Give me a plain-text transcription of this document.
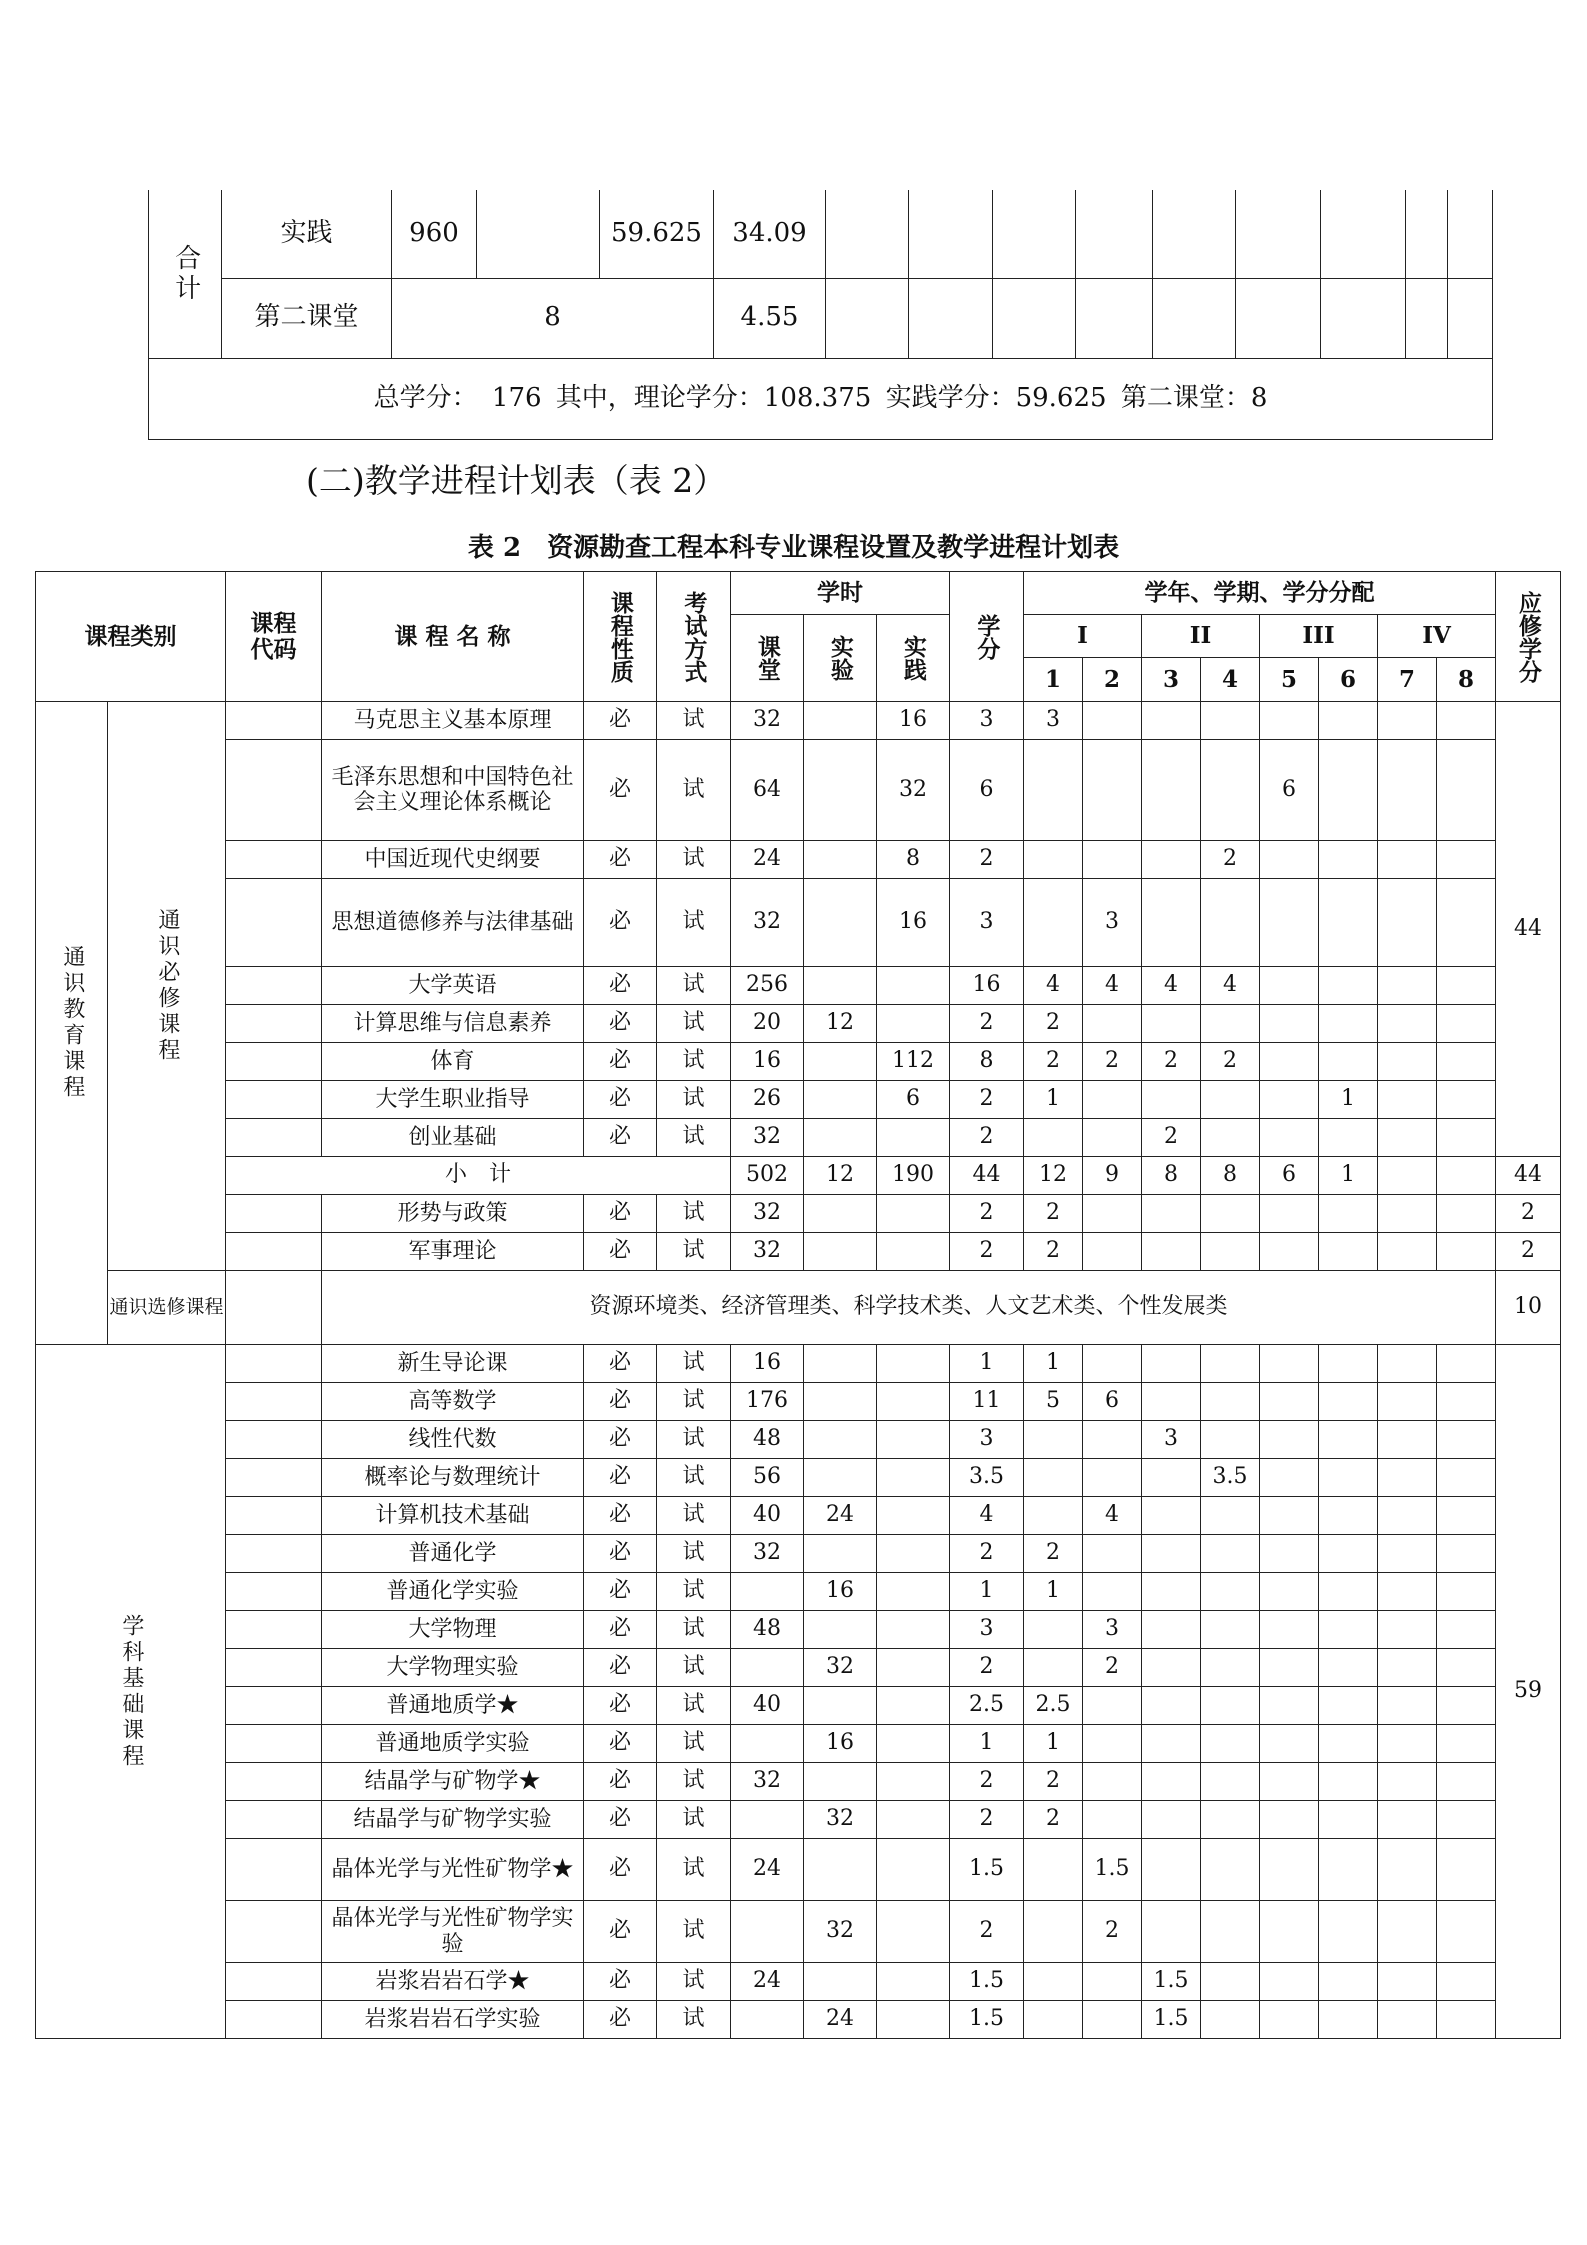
合计	实践	960		59.625	34.09									
	第二课堂	8			4.55									
总学分： 176 其中，理论学分：108.375 实践学分：59.625 第二课堂：8														
(二)教学进程计划表（表 2）
表 2　资源勘查工程本科专业课程设置及教学进程计划表
课程类别		课程代码	课 程 名 称	课程性质	考试方式	学时			学分	学年、学期、学分分配								应修学分
						课堂	实验	实践		I		II		III		IV		
										1	2	3	4	5	6	7	8	
通识教育课程	通识必修课程		马克思主义基本原理	必	试	32		16	3	3								44
			毛泽东思想和中国特色社会主义理论体系概论	必	试	64		32	6					6				
			中国近现代史纲要	必	试	24		8	2				2					
			思想道德修养与法律基础	必	试	32		16	3		3							
			大学英语	必	试	256			16	4	4	4	4					
			计算思维与信息素养	必	试	20	12		2	2								
			体育	必	试	16		112	8	2	2	2	2					
			大学生职业指导	必	试	26		6	2	1					1			
			创业基础	必	试	32			2			2						
		小　计				502	12	190	44	12	9	8	8	6	1			44
			形势与政策	必	试	32			2	2								2
			军事理论	必	试	32			2	2								2
	通识选修课程		资源环境类、经济管理类、科学技术类、人文艺术类、个性发展类															10
学科基础课程			新生导论课	必	试	16			1	1								59
			高等数学	必	试	176			11	5	6							
			线性代数	必	试	48			3			3						
			概率论与数理统计	必	试	56			3.5				3.5					
			计算机技术基础	必	试	40	24		4		4							
			普通化学	必	试	32			2	2								
			普通化学实验	必	试		16		1	1								
			大学物理	必	试	48			3		3							
			大学物理实验	必	试		32		2		2							
			普通地质学★	必	试	40			2.5	2.5								
			普通地质学实验	必	试		16		1	1								
			结晶学与矿物学★	必	试	32			2	2								
			结晶学与矿物学实验	必	试		32		2	2								
			晶体光学与光性矿物学★	必	试	24			1.5		1.5							
			晶体光学与光性矿物学实验	必	试		32		2		2							
			岩浆岩岩石学★	必	试	24			1.5			1.5						
			岩浆岩岩石学实验	必	试		24		1.5			1.5						
